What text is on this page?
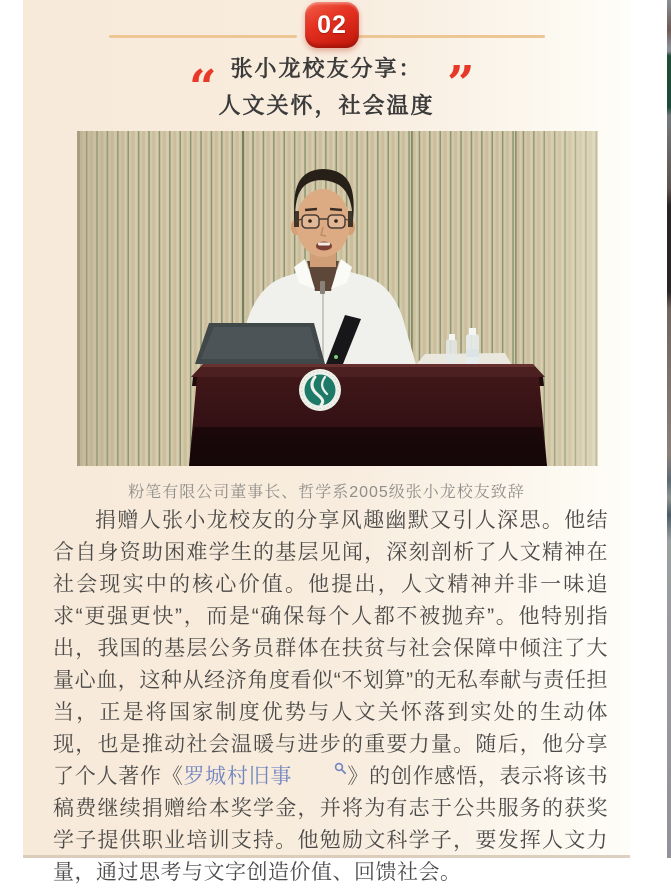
02
“	”
张小龙校友分享：
人文关怀，社会温度
粉笔有限公司董事长、哲学系2005级张小龙校友致辞

捐赠人张小龙校友的分享风趣幽默又引人深思。他结合自身资助困难学生的基层见闻，深刻剖析了人文精神在社会现实中的核心价值。他提出，人文精神并非一味追求“更强更快”，而是“确保每个人都不被抛弃”。他特别指出，我国的基层公务员群体在扶贫与社会保障中倾注了大量心血，这种从经济角度看似“不划算”的无私奉献与责任担当，正是将国家制度优势与人文关怀落到实处的生动体现，也是推动社会温暖与进步的重要力量。随后，他分享了个人著作《罗城村旧事	》的创作感悟，表示将该书稿费继续捐赠给本奖学金，并将为有志于公共服务的获奖学子提供职业培训支持。他勉励文科学子，要发挥人文力量，通过思考与文字创造价值、回馈社会。
